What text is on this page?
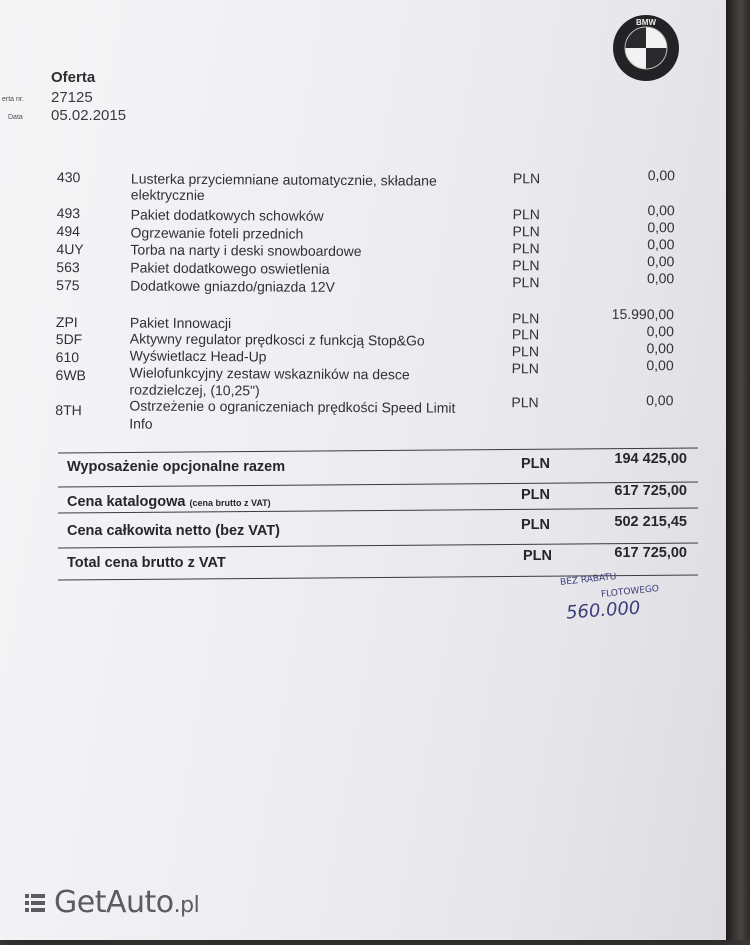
BMW
Oferta
erta nr. 27125
Data 05.02.2015
430	Lusterka przyciemniane automatycznie, składane
elektrycznie
PLN	0,00
493	Pakiet dodatkowych schowków	PLN	0,00
494	Ogrzewanie foteli przednich	PLN	0,00
4UY	Torba na narty i deski snowboardowe	PLN	0,00
563	Pakiet dodatkowego oswietlenia	PLN	0,00
575	Dodatkowe gniazdo/gniazda 12V	PLN	0,00
ZPI	Pakiet Innowacji	PLN	15.990,00
5DF	Aktywny regulator prędkosci z funkcją Stop&Go	PLN	0,00
610	Wyświetlacz Head-Up	PLN	0,00
6WB	Wielofunkcyjny zestaw wskazników na desce
rozdzielczej, (10,25")
PLN	0,00
8TH	Ostrzeżenie o ograniczeniach prędkości Speed Limit
Info
PLN	0,00
Wyposażenie opcjonalne razem	PLN	194 425,00
Cena katalogowa (cena brutto z VAT)	PLN	617 725,00
Cena całkowita netto (bez VAT)	PLN	502 215,45
Total cena brutto z VAT	PLN	617 725,00
BEZ RABATU
FLOTOWEGO
560.000
GetAuto.pl
